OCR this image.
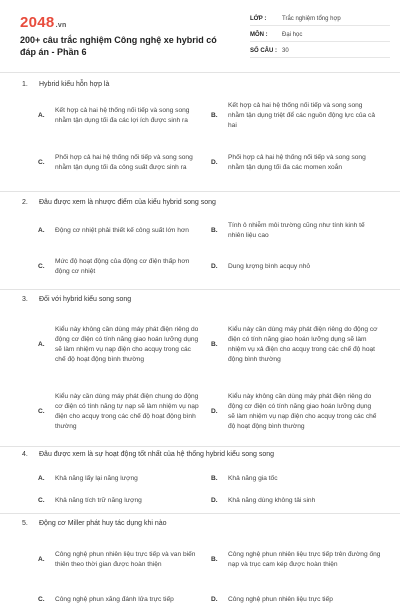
2048.vn
200+ câu trắc nghiệm Công nghệ xe hybrid có đáp án - Phần 6
LỚP :	Trắc nghiệm tổng hợp
MÔN :	Đại học
SỐ CÂU : 30
1.	Hybrid kiểu hỗn hợp là
A.
Kết hợp cả hai hệ thống nối tiếp và song song nhằm tận dụng tối đa các lợi ích được sinh ra
B.
Kết hợp cả hai hệ thống nối tiếp và song song nhằm tận dụng triệt để các nguồn động lực của cả hai
C.
Phối hợp cả hai hệ thống nối tiếp và song song nhằm tận dụng tối đa công suất được sinh ra
D.
Phối hợp cả hai hệ thống nối tiếp và song song nhằm tận dụng tối đa các momen xoắn
2.	Đâu được xem là nhược điểm của kiểu hybrid song song
A.	Động cơ nhiệt phải thiết kế công suất lớn hơn	B.
Tính ô nhiễm môi trường cũng như tính kinh tế nhiên liệu cao
C.
Mức độ hoạt động của động cơ điện thấp hơn động cơ nhiệt
D.	Dung lượng bình acquy nhỏ
3.	Đối với hybrid kiểu song song
A.
Kiểu này không cần dùng máy phát điện riêng do động cơ điện có tính năng giao hoán lưỡng dụng sẽ làm nhiệm vụ nạp điện cho acquy trong các chế độ hoạt động bình thường
B.
Kiểu này cần dùng máy phát điện riêng do động cơ điện có tính năng giao hoán lưỡng dụng sẽ làm nhiệm vụ xả điện cho acquy trong các chế độ hoạt động bình thường
C.
Kiểu này cần dùng máy phát điện chung do động cơ điện có tính năng tự nạp sẽ làm nhiệm vụ nạp điện cho acquy trong các chế độ hoạt động bình thường
D.
Kiểu này không cần dùng máy phát điện riêng do động cơ điện có tính năng giao hoán lưỡng dụng sẽ làm nhiệm vụ nạp điện cho acquy trong các chế độ hoạt động bình thường
4.	Đâu được xem là sự hoạt động tốt nhất của hệ thống hybrid kiểu song song
A.	Khả năng lấy lại năng lượng	B.	Khả năng gia tốc
C.	Khả năng tích trữ năng lượng	D.	Khả năng dùng không tải sinh
5.	Động cơ Miller phát huy tác dụng khi nào
A.
Công nghệ phun nhiên liệu trực tiếp và van biến thiên theo thời gian được hoàn thiện
B.
Công nghệ phun nhiên liệu trực tiếp trên đường ống nạp và trục cam kép được hoàn thiện
C.	Công nghệ phun xăng đánh lửa trực tiếp	D.	Công nghệ phun nhiên liệu trực tiếp
